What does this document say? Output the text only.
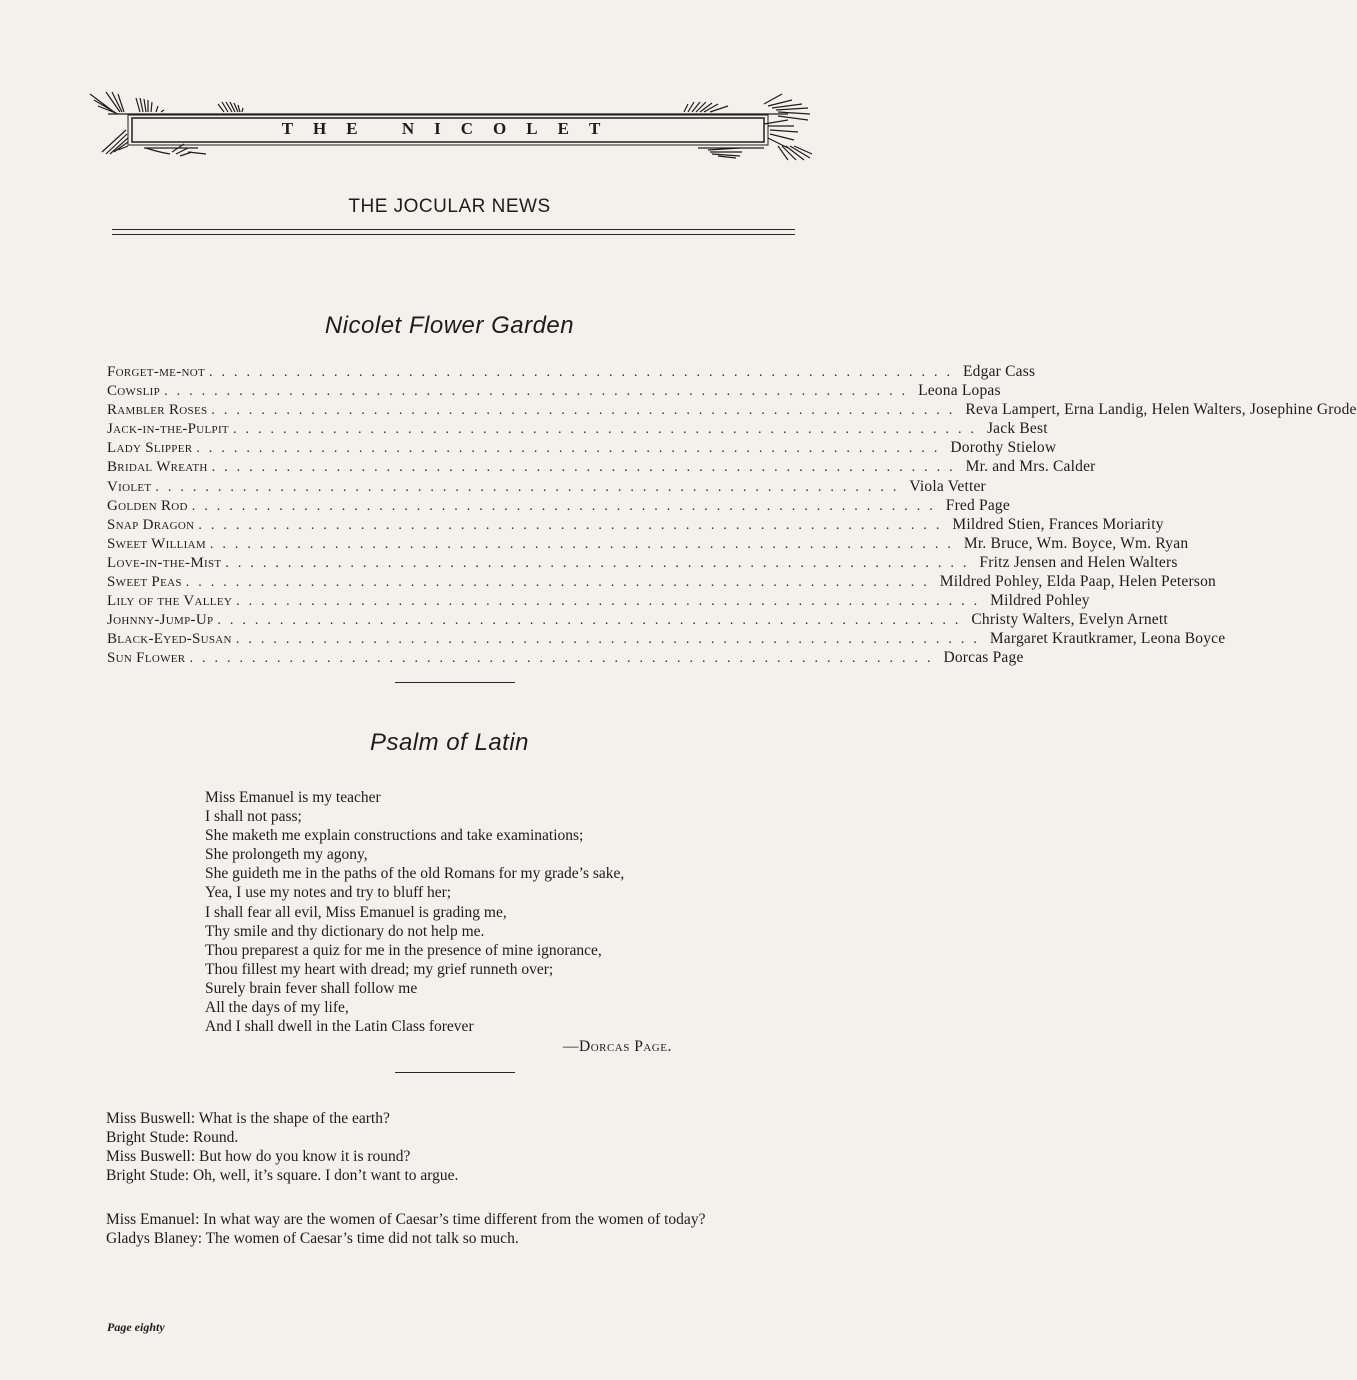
THE NICOLET
THE JOCULAR NEWS
Nicolet Flower Garden
Forget-me-not ............................................................ Edgar Cass
Cowslip ............................................................ Leona Lopas
Rambler Roses ............................................................ Reva Lampert, Erna Landig, Helen Walters, Josephine Grode
Jack-in-the-Pulpit ............................................................ Jack Best
Lady Slipper ............................................................ Dorothy Stielow
Bridal Wreath ............................................................ Mr. and Mrs. Calder
Violet ............................................................ Viola Vetter
Golden Rod ............................................................ Fred Page
Snap Dragon ............................................................ Mildred Stien, Frances Moriarity
Sweet William ............................................................ Mr. Bruce, Wm. Boyce, Wm. Ryan
Love-in-the-Mist ............................................................ Fritz Jensen and Helen Walters
Sweet Peas ............................................................ Mildred Pohley, Elda Paap, Helen Peterson
Lily of the Valley ............................................................ Mildred Pohley
Johnny-Jump-Up ............................................................ Christy Walters, Evelyn Arnett
Black-Eyed-Susan ............................................................ Margaret Krautkramer, Leona Boyce
Sun Flower ............................................................ Dorcas Page
Psalm of Latin
Miss Emanuel is my teacher
I shall not pass;
She maketh me explain constructions and take examinations;
She prolongeth my agony,
She guideth me in the paths of the old Romans for my grade’s sake,
Yea, I use my notes and try to bluff her;
I shall fear all evil, Miss Emanuel is grading me,
Thy smile and thy dictionary do not help me.
Thou preparest a quiz for me in the presence of mine ignorance,
Thou fillest my heart with dread; my grief runneth over;
Surely brain fever shall follow me
All the days of my life,
And I shall dwell in the Latin Class forever
—Dorcas Page.
Miss Buswell: What is the shape of the earth?
Bright Stude: Round.
Miss Buswell: But how do you know it is round?
Bright Stude: Oh, well, it’s square. I don’t want to argue.
Miss Emanuel: In what way are the women of Caesar’s time different from the women of today?
Gladys Blaney: The women of Caesar’s time did not talk so much.
Page eighty
